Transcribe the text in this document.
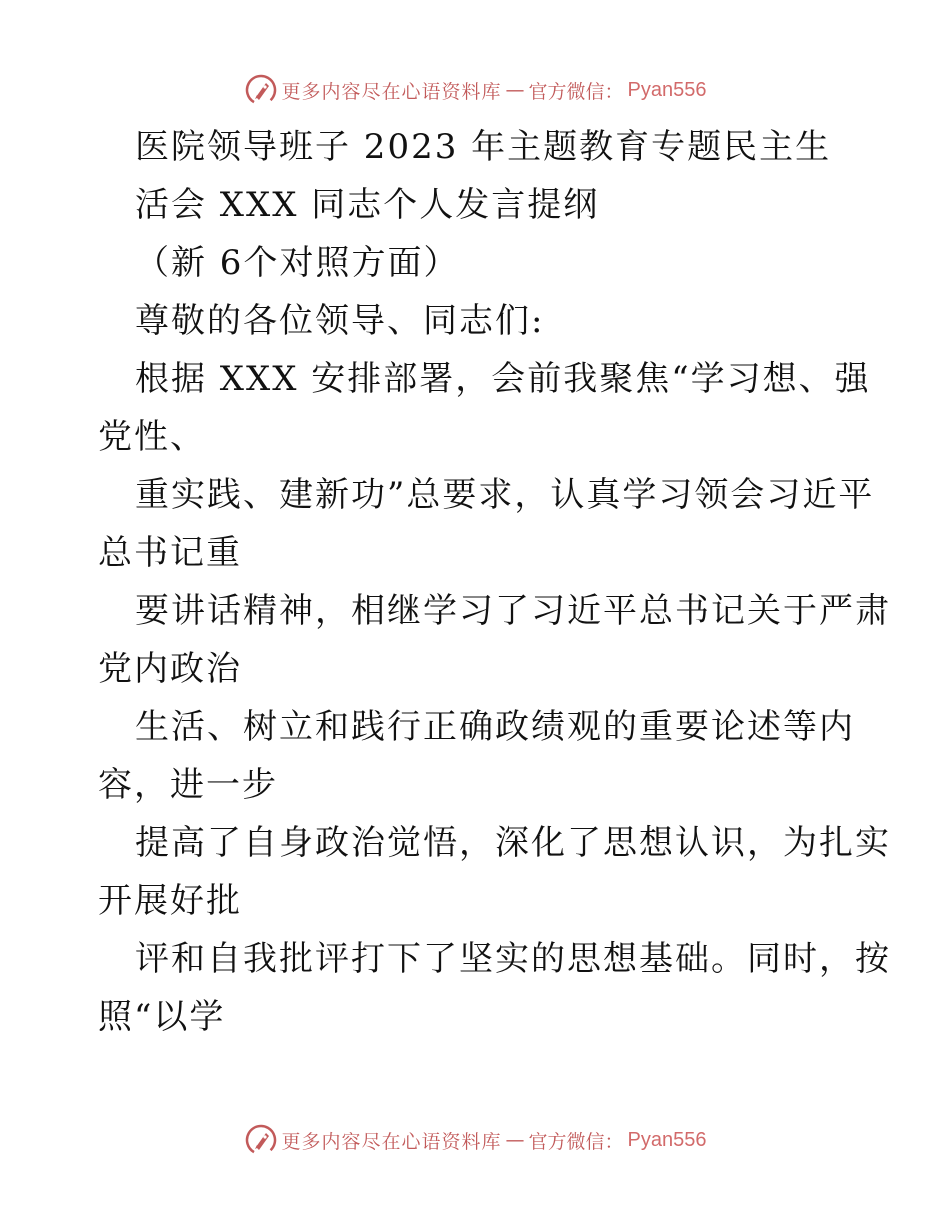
更多内容尽在心语资料库 — 官方微信： Pyan556
医院领导班子 2023 年主题教育专题民主生
活会 XXX 同志个人发言提纲
（新 6个对照方面）
尊敬的各位领导、同志们:
根据 XXX 安排部署，会前我聚焦“学习想、强
党性、
重实践、建新功”总要求，认真学习领会习近平
总书记重
要讲话精神，相继学习了习近平总书记关于严肃
党内政治
生活、树立和践行正确政绩观的重要论述等内
容，进一步
提高了自身政治觉悟，深化了思想认识，为扎实
开展好批
评和自我批评打下了坚实的思想基础。同时，按
照“以学
更多内容尽在心语资料库 — 官方微信： Pyan556
